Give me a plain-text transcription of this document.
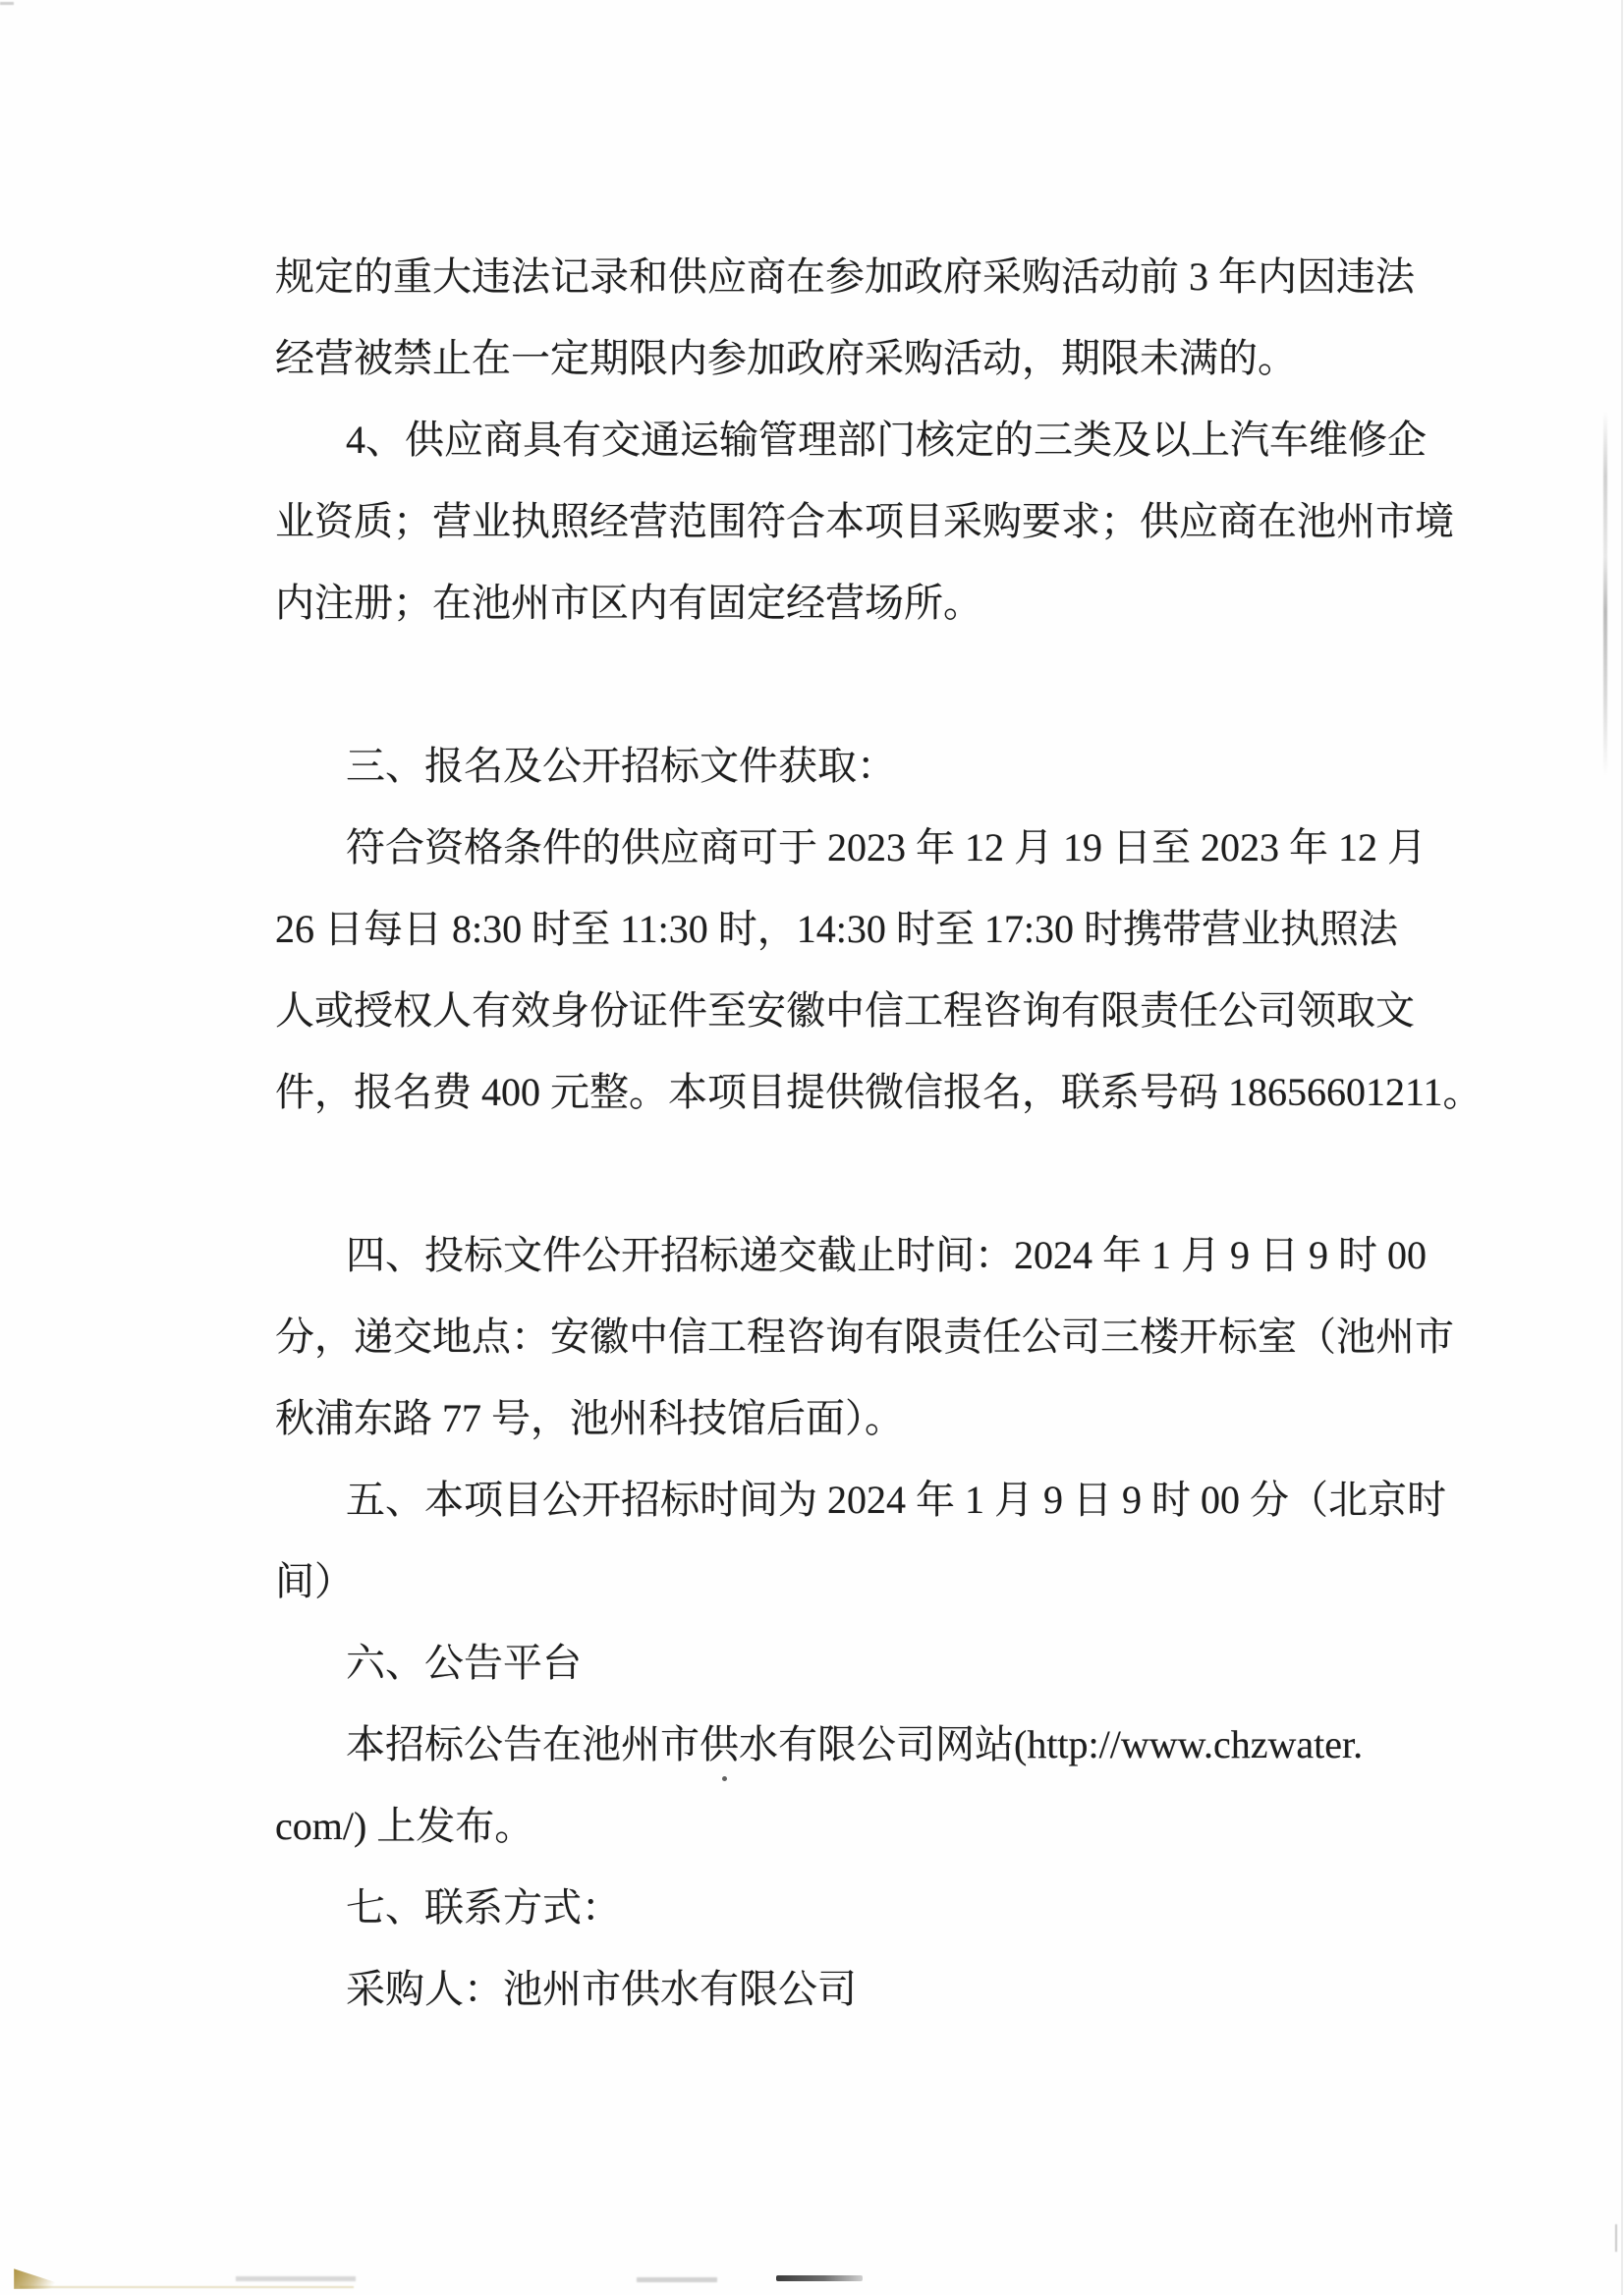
规定的重大违法记录和供应商在参加政府采购活动前 3 年内因违法
经营被禁止在一定期限内参加政府采购活动，期限未满的。
4、供应商具有交通运输管理部门核定的三类及以上汽车维修企
业资质；营业执照经营范围符合本项目采购要求；供应商在池州市境
内注册；在池州市区内有固定经营场所。
三、报名及公开招标文件获取：
符合资格条件的供应商可于 2023 年 12 月 19 日至 2023 年 12 月
26 日每日 8:30 时至 11:30 时，14:30 时至 17:30 时携带营业执照法
人或授权人有效身份证件至安徽中信工程咨询有限责任公司领取文
件，报名费 400 元整。本项目提供微信报名，联系号码 18656601211。
四、投标文件公开招标递交截止时间：2024 年 1 月 9 日 9 时 00
分，递交地点：安徽中信工程咨询有限责任公司三楼开标室（池州市
秋浦东路 77 号，池州科技馆后面）。
五、本项目公开招标时间为 2024 年 1 月 9 日 9 时 00 分（北京时
间）
六、公告平台
本招标公告在池州市供水有限公司网站(http://www.chzwater.
com/) 上发布。
七、联系方式：
采购人：池州市供水有限公司
